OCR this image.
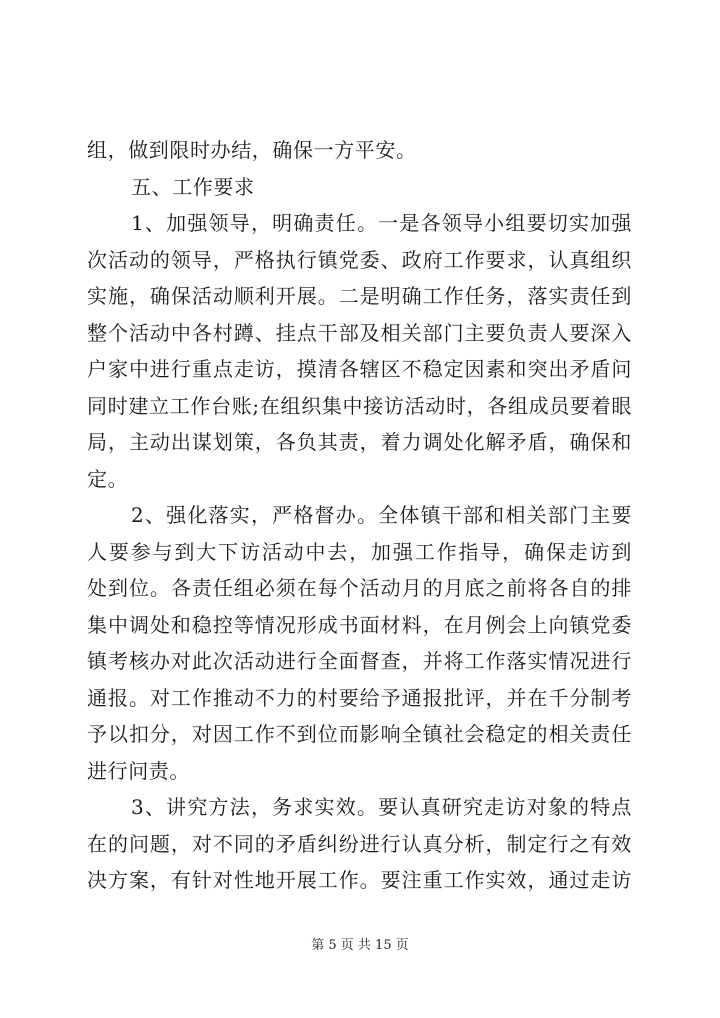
组，做到限时办结，确保一方平安。
五、工作要求
1、加强领导，明确责任。一是各领导小组要切实加强
次活动的领导，严格执行镇党委、政府工作要求，认真组织
实施，确保活动顺利开展。二是明确工作任务，落实责任到
整个活动中各村蹲、挂点干部及相关部门主要负责人要深入
户家中进行重点走访，摸清各辖区不稳定因素和突出矛盾问
同时建立工作台账;在组织集中接访活动时，各组成员要着眼
局，主动出谋划策，各负其责，着力调处化解矛盾，确保和
定。
2、强化落实，严格督办。全体镇干部和相关部门主要
人要参与到大下访活动中去，加强工作指导，确保走访到
处到位。各责任组必须在每个活动月的月底之前将各自的排
集中调处和稳控等情况形成书面材料，在月例会上向镇党委
镇考核办对此次活动进行全面督查，并将工作落实情况进行
通报。对工作推动不力的村要给予通报批评，并在千分制考
予以扣分，对因工作不到位而影响全镇社会稳定的相关责任
进行问责。
3、讲究方法，务求实效。要认真研究走访对象的特点
在的问题，对不同的矛盾纠纷进行认真分析，制定行之有效
决方案，有针对性地开展工作。要注重工作实效，通过走访
第 5 页 共 15 页
